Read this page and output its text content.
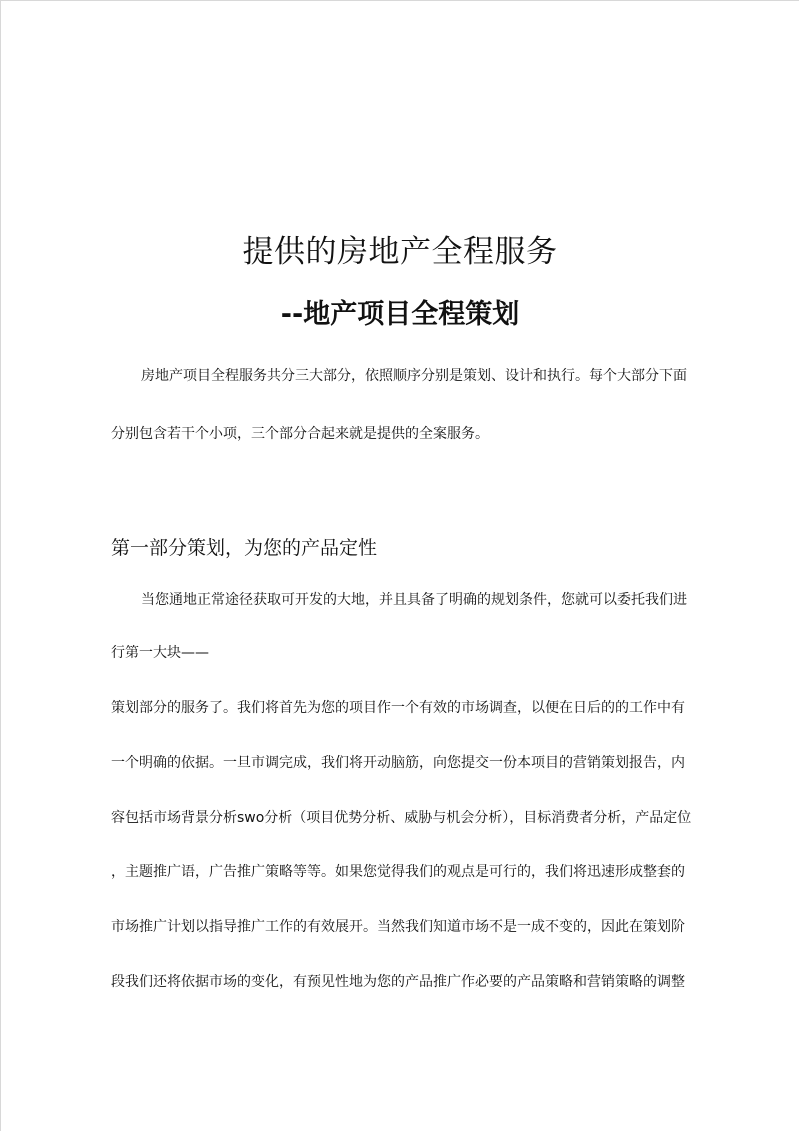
提供的房地产全程服务
--地产项目全程策划

房地产项目全程服务共分三大部分，依照顺序分别是策划、设计和执行。每个大部分下面

分别包含若干个小项，三个部分合起来就是提供的全案服务。

第一部分策划，为您的产品定性

当您通地正常途径获取可开发的大地，并且具备了明确的规划条件，您就可以委托我们进

行第一大块——

策划部分的服务了。我们将首先为您的项目作一个有效的市场调查，以便在日后的的工作中有

一个明确的依据。一旦市调完成，我们将开动脑筋，向您提交一份本项目的营销策划报告，内

容包括市场背景分析swo分析（项目优势分析、威胁与机会分析），目标消费者分析，产品定位

，主题推广语，广告推广策略等等。如果您觉得我们的观点是可行的，我们将迅速形成整套的

市场推广计划以指导推广工作的有效展开。当然我们知道市场不是一成不变的，因此在策划阶

段我们还将依据市场的变化，有预见性地为您的产品推广作必要的产品策略和营销策略的调整
